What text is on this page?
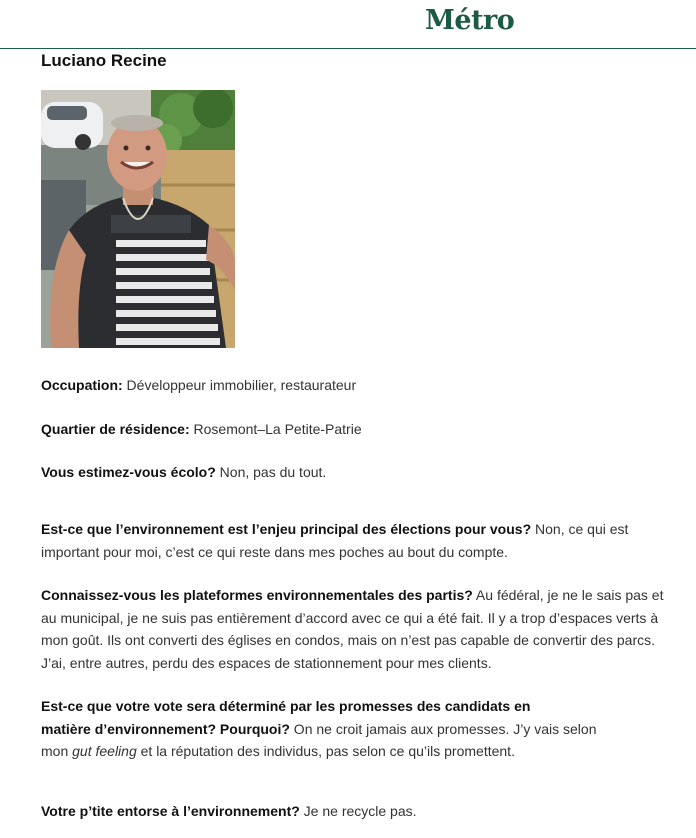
Métro
Luciano Recine

Occupation: Développeur immobilier, restaurateur

Quartier de résidence: Rosemont–La Petite-Patrie

Vous estimez-vous écolo? Non, pas du tout.

Est-ce que l’environnement est l’enjeu principal des élections pour vous? Non, ce qui est important pour moi, c’est ce qui reste dans mes poches au bout du compte.

Connaissez-vous les plateformes environnementales des partis? Au fédéral, je ne le sais pas et au municipal, je ne suis pas entièrement d’accord avec ce qui a été fait. Il y a trop d’espaces verts à mon goût. Ils ont converti des églises en condos, mais on n’est pas capable de convertir des parcs. J’ai, entre autres, perdu des espaces de stationnement pour mes clients.

Est-ce que votre vote sera déterminé par les promesses des candidats en
matière d’environnement? Pourquoi? On ne croit jamais aux promesses. J’y vais selon
mon gut feeling et la réputation des individus, pas selon ce qu’ils promettent.

Votre p’tite entorse à l’environnement? Je ne recycle pas.
